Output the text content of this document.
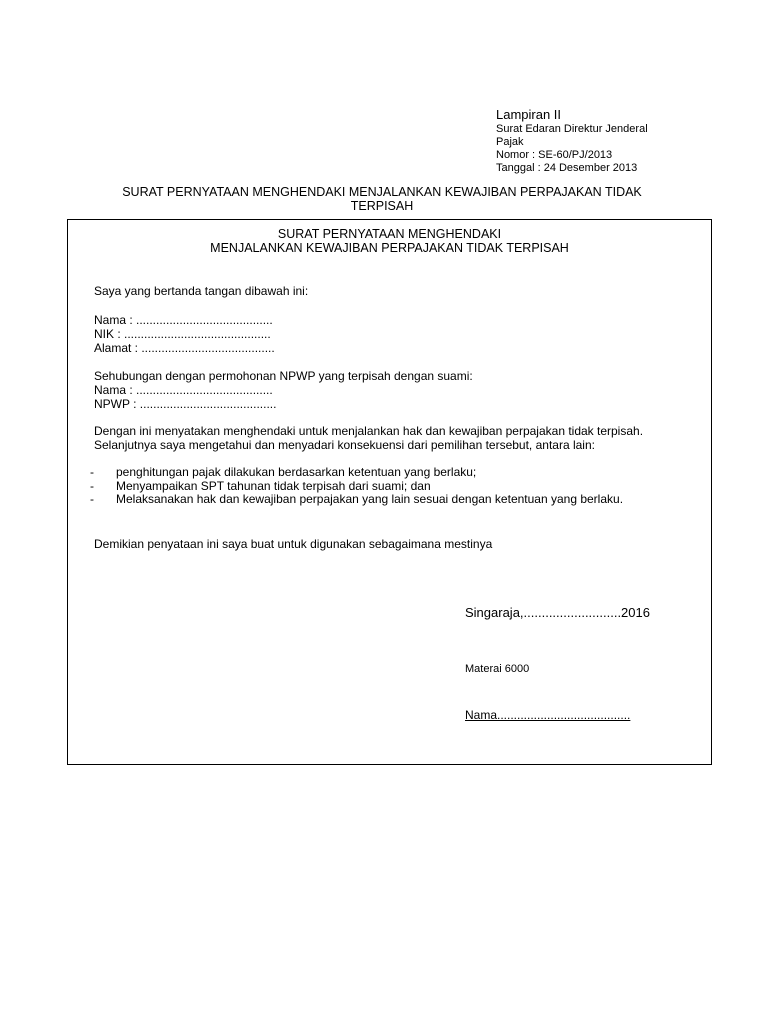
Lampiran II
Surat Edaran Direktur Jenderal
Pajak
Nomor : SE-60/PJ/2013
Tanggal : 24 Desember 2013
SURAT PERNYATAAN MENGHENDAKI MENJALANKAN KEWAJIBAN PERPAJAKAN TIDAK
TERPISAH
SURAT PERNYATAAN MENGHENDAKI
MENJALANKAN KEWAJIBAN PERPAJAKAN TIDAK TERPISAH
Saya yang bertanda tangan dibawah ini:
Nama : .........................................
NIK : ............................................
Alamat : ........................................
Sehubungan dengan permohonan NPWP yang terpisah dengan suami:
Nama : .........................................
NPWP : .........................................
Dengan ini menyatakan menghendaki untuk menjalankan hak dan kewajiban perpajakan tidak terpisah.
Selanjutnya saya mengetahui dan menyadari konsekuensi dari pemilihan tersebut, antara lain:
-	penghitungan pajak dilakukan berdasarkan ketentuan yang berlaku;
-	Menyampaikan SPT tahunan tidak terpisah dari suami; dan
-	Melaksanakan hak dan kewajiban perpajakan yang lain sesuai dengan ketentuan yang berlaku.
Demikian penyataan ini saya buat untuk digunakan sebagaimana mestinya
Singaraja,...........................2016
Materai 6000
Nama........................................
